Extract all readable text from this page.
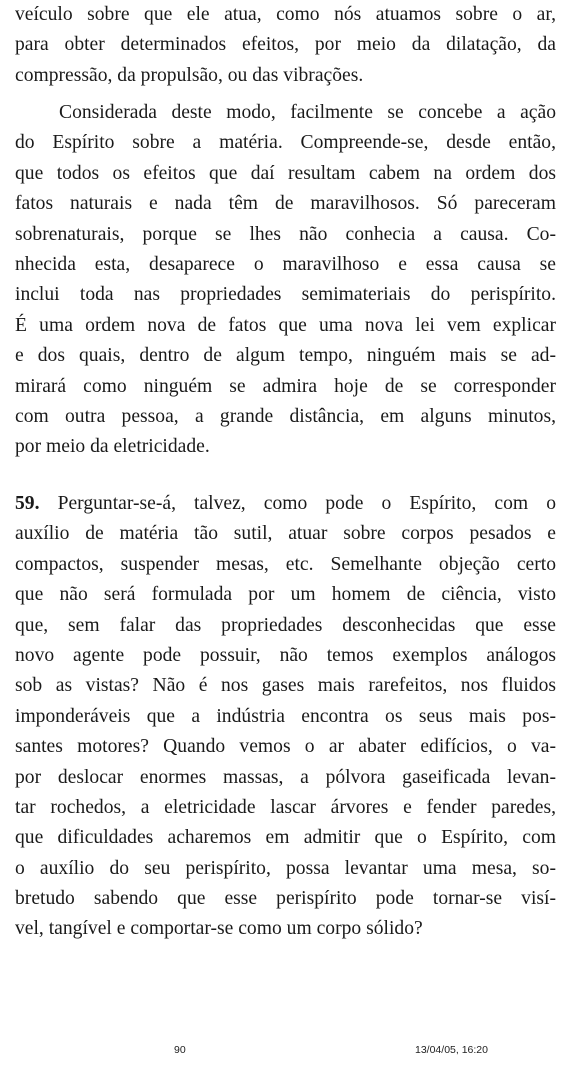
veículo sobre que ele atua, como nós atuamos sobre o ar,
para obter determinados efeitos, por meio da dilatação, da
compressão, da propulsão, ou das vibrações.
Considerada deste modo, facilmente se concebe a ação
do Espírito sobre a matéria. Compreende-se, desde então,
que todos os efeitos que daí resultam cabem na ordem dos
fatos naturais e nada têm de maravilhosos. Só pareceram
sobrenaturais, porque se lhes não conhecia a causa. Co-
nhecida esta, desaparece o maravilhoso e essa causa se
inclui toda nas propriedades semimateriais do perispírito.
É uma ordem nova de fatos que uma nova lei vem explicar
e dos quais, dentro de algum tempo, ninguém mais se ad-
mirará como ninguém se admira hoje de se corresponder
com outra pessoa, a grande distância, em alguns minutos,
por meio da eletricidade.
59. Perguntar-se-á, talvez, como pode o Espírito, com o
auxílio de matéria tão sutil, atuar sobre corpos pesados e
compactos, suspender mesas, etc. Semelhante objeção certo
que não será formulada por um homem de ciência, visto
que, sem falar das propriedades desconhecidas que esse
novo agente pode possuir, não temos exemplos análogos
sob as vistas? Não é nos gases mais rarefeitos, nos fluidos
imponderáveis que a indústria encontra os seus mais pos-
santes motores? Quando vemos o ar abater edifícios, o va-
por deslocar enormes massas, a pólvora gaseificada levan-
tar rochedos, a eletricidade lascar árvores e fender paredes,
que dificuldades acharemos em admitir que o Espírito, com
o auxílio do seu perispírito, possa levantar uma mesa, so-
bretudo sabendo que esse perispírito pode tornar-se visí-
vel, tangível e comportar-se como um corpo sólido?
90	13/04/05, 16:20
